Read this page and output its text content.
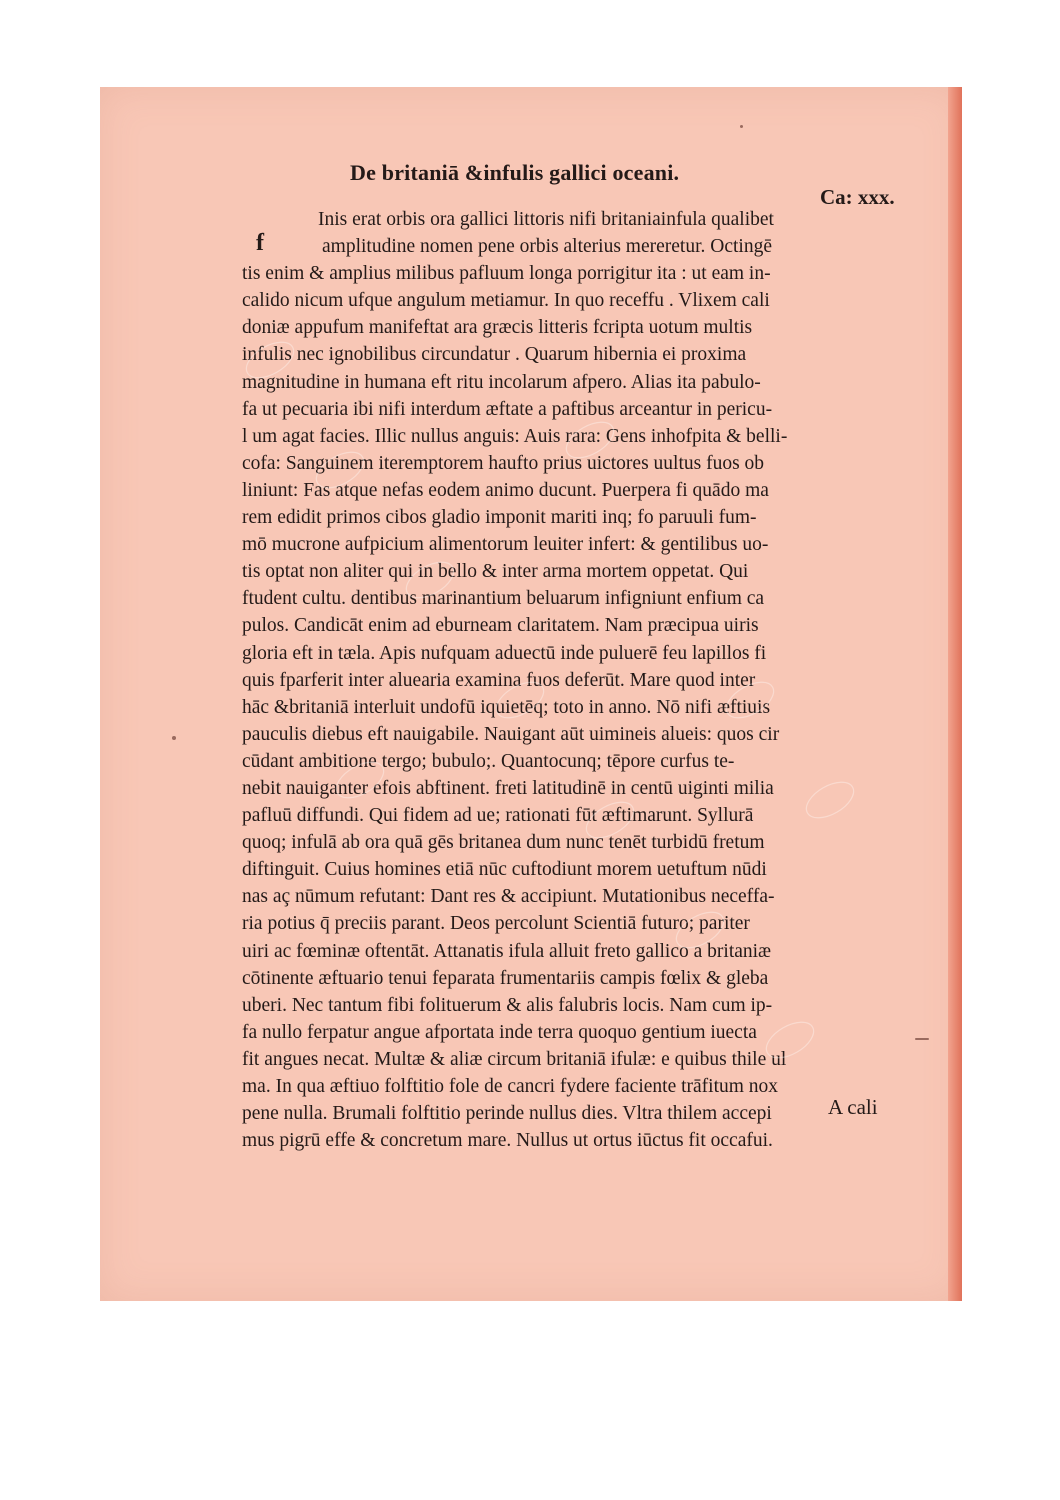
De britaniā &infulis gallici oceani.
Ca: xxx.
f
Inis erat orbis ora gallici littoris nifi britaniainfula qualibet
amplitudine nomen pene orbis alterius mereretur. Octingē
tis enim & amplius milibus pafluum longa porrigitur ita : ut eam in-
calido nicum ufque angulum metiamur. In quo receffu . Vlixem cali
doniæ appufum manifeftat ara græcis litteris fcripta uotum multis
infulis nec ignobilibus circundatur . Quarum hibernia ei proxima
magnitudine in humana eft ritu incolarum afpero. Alias ita pabulo-
fa ut pecuaria ibi nifi interdum æftate a paftibus arceantur in pericu-
l um agat facies. Illic nullus anguis: Auis rara: Gens inhofpita & belli-
cofa: Sanguinem iteremptorem haufto prius uictores uultus fuos ob
liniunt: Fas atque nefas eodem animo ducunt. Puerpera fi quādo ma
rem edidit primos cibos gladio imponit mariti inq; fo paruuli fum-
mō mucrone aufpicium alimentorum leuiter infert: & gentilibus uo-
tis optat non aliter qui in bello & inter arma mortem oppetat. Qui
ftudent cultu. dentibus marinantium beluarum infigniunt enfium ca
pulos. Candicāt enim ad eburneam claritatem. Nam præcipua uiris
gloria eft in tæla. Apis nufquam aduectū inde puluerē feu lapillos fi
quis fparferit inter aluearia examina fuos deferūt. Mare quod inter
hāc &britaniā interluit undofū iquietēq; toto in anno. Nō nifi æftiuis
pauculis diebus eft nauigabile. Nauigant aūt uimineis alueis: quos cir
cūdant ambitione tergo; bubulo;. Quantocunq; tēpore curfus te-
nebit nauiganter efois abftinent. freti latitudinē in centū uiginti milia
pafluū diffundi. Qui fidem ad ue; rationati fūt æftimarunt. Syllurā
quoq; infulā ab ora quā gēs britanea dum nunc tenēt turbidū fretum
diftinguit. Cuius homines etiā nūc cuftodiunt morem uetuftum nūdi
nas aç nūmum refutant: Dant res & accipiunt. Mutationibus neceffa-
ria potius q̄ preciis parant. Deos percolunt Scientiā futuro; pariter
uiri ac fœminæ oftentāt. Attanatis ifula alluit freto gallico a britaniæ
cōtinente æftuario tenui feparata frumentariis campis fœlix & gleba
uberi. Nec tantum fibi folituerum & alis falubris locis. Nam cum ip-
fa nullo ferpatur angue afportata inde terra quoquo gentium iuecta
fit angues necat. Multæ & aliæ circum britaniā ifulæ: e quibus thile ul
ma. In qua æftiuo folftitio fole de cancri fydere faciente trāfitum nox
pene nulla. Brumali folftitio perinde nullus dies. Vltra thilem accepi
mus pigrū effe & concretum mare. Nullus ut ortus iūctus fit occafui.
A cali
